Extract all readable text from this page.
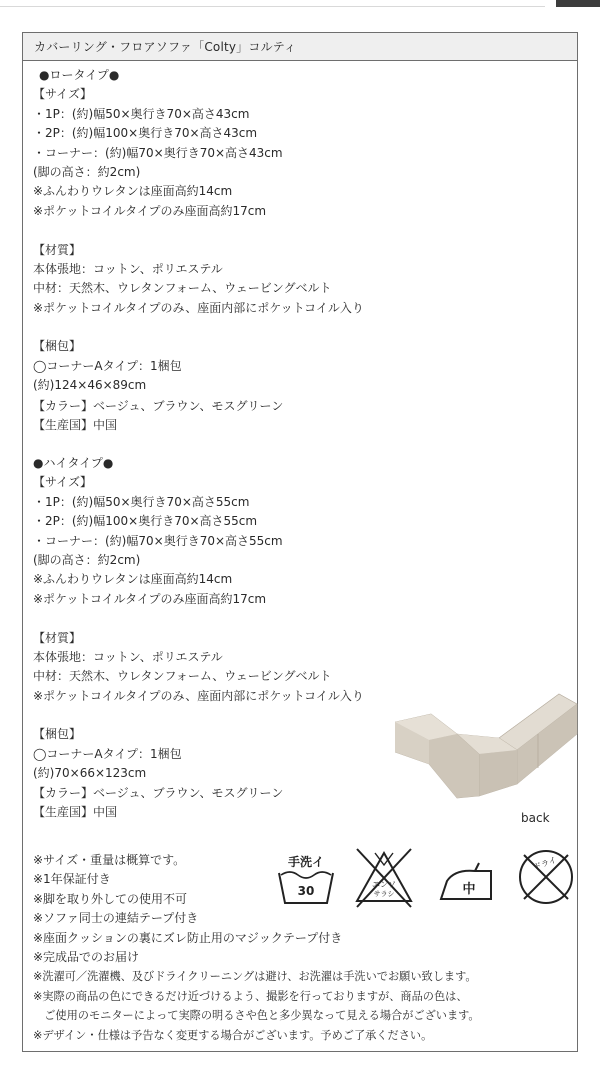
カバーリング・フロアソファ「Colty」コルティ
●ロータイプ●
【サイズ】
・1P：(約)幅50×奥行き70×高さ43cm
・2P：(約)幅100×奥行き70×高さ43cm
・コーナー：(約)幅70×奥行き70×高さ43cm
(脚の高さ：約2cm)
※ふんわりウレタンは座面高約14cm
※ポケットコイルタイプのみ座面高約17cm
【材質】
本体張地：コットン、ポリエステル
中材：天然木、ウレタンフォーム、ウェービングベルト
※ポケットコイルタイプのみ、座面内部にポケットコイル入り
【梱包】
◯コーナーAタイプ：1梱包
(約)124×46×89cm
【カラー】ベージュ、ブラウン、モスグリーン
【生産国】中国
●ハイタイプ●
【サイズ】
・1P：(約)幅50×奥行き70×高さ55cm
・2P：(約)幅100×奥行き70×高さ55cm
・コーナー：(約)幅70×奥行き70×高さ55cm
(脚の高さ：約2cm)
※ふんわりウレタンは座面高約14cm
※ポケットコイルタイプのみ座面高約17cm
【材質】
本体張地：コットン、ポリエステル
中材：天然木、ウレタンフォーム、ウェービングベルト
※ポケットコイルタイプのみ、座面内部にポケットコイル入り
【梱包】
◯コーナーAタイプ：1梱包
(約)70×66×123cm
【カラー】ベージュ、ブラウン、モスグリーン
【生産国】中国	back
手洗イ
30	エンソ
サラシ	中
ドライ
※サイズ・重量は概算です。
※1年保証付き
※脚を取り外しての使用不可
※ソファ同士の連結テープ付き
※座面クッションの裏にズレ防止用のマジックテープ付き
※完成品でのお届け
※洗濯可／洗濯機、及びドライクリーニングは避け、お洗濯は手洗いでお願い致します。
※実際の商品の色にできるだけ近づけるよう、撮影を行っておりますが、商品の色は、
　ご使用のモニターによって実際の明るさや色と多少異なって見える場合がございます。
※デザイン・仕様は予告なく変更する場合がございます。予めご了承ください。
